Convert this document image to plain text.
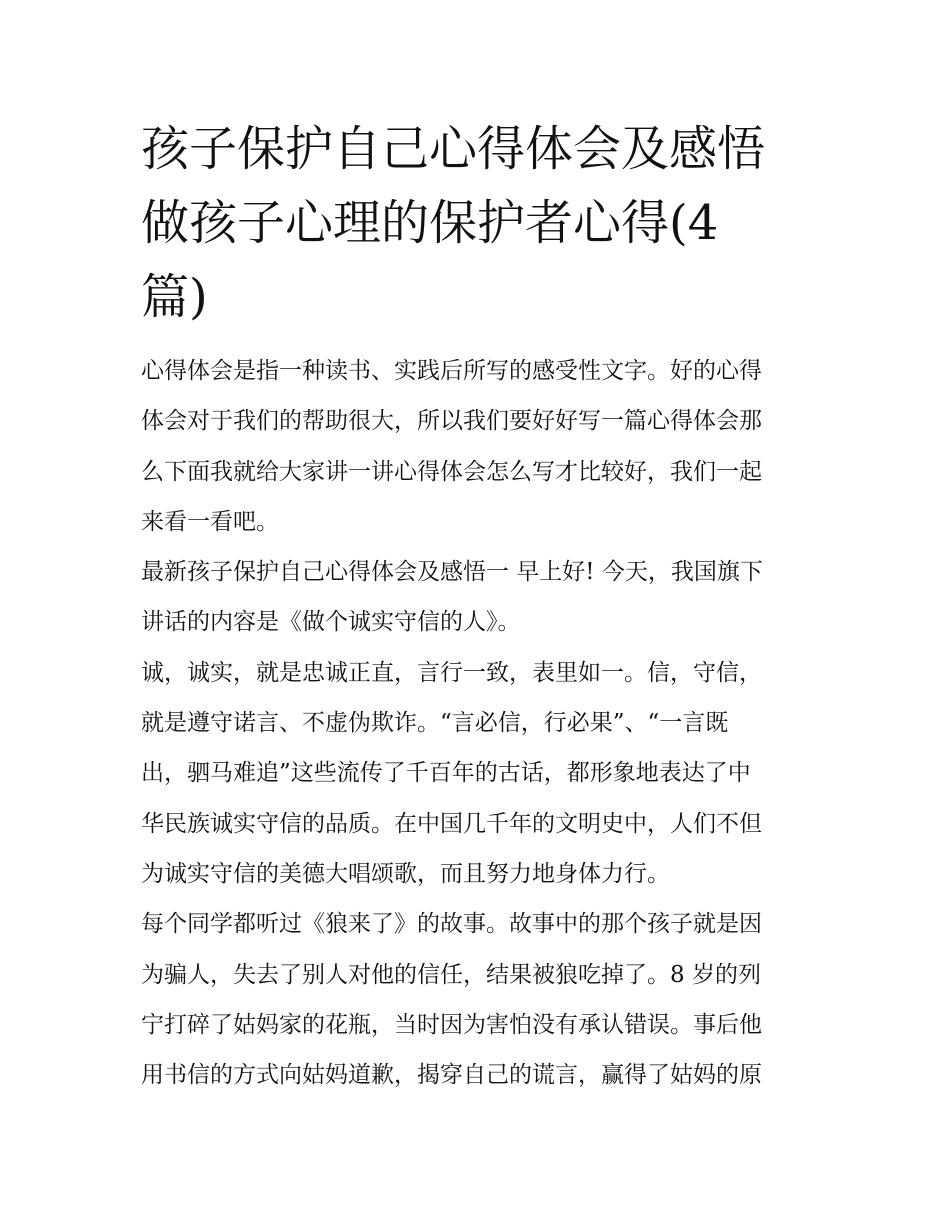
孩子保护自己心得体会及感悟
做孩子心理的保护者心得(4
篇)

心得体会是指一种读书、实践后所写的感受性文字。好的心得
体会对于我们的帮助很大，所以我们要好好写一篇心得体会那
么下面我就给大家讲一讲心得体会怎么写才比较好，我们一起
来看一看吧。

最新孩子保护自己心得体会及感悟一 早上好! 今天，我国旗下
讲话的内容是《做个诚实守信的人》。

诚，诚实，就是忠诚正直，言行一致，表里如一。信，守信，
就是遵守诺言、不虚伪欺诈。“言必信，行必果”、“一言既
出，驷马难追”这些流传了千百年的古话，都形象地表达了中
华民族诚实守信的品质。在中国几千年的文明史中，人们不但
为诚实守信的美德大唱颂歌，而且努力地身体力行。

每个同学都听过《狼来了》的故事。故事中的那个孩子就是因
为骗人，失去了别人对他的信任，结果被狼吃掉了。8 岁的列
宁打碎了姑妈家的花瓶，当时因为害怕没有承认错误。事后他
用书信的方式向姑妈道歉，揭穿自己的谎言，赢得了姑妈的原
